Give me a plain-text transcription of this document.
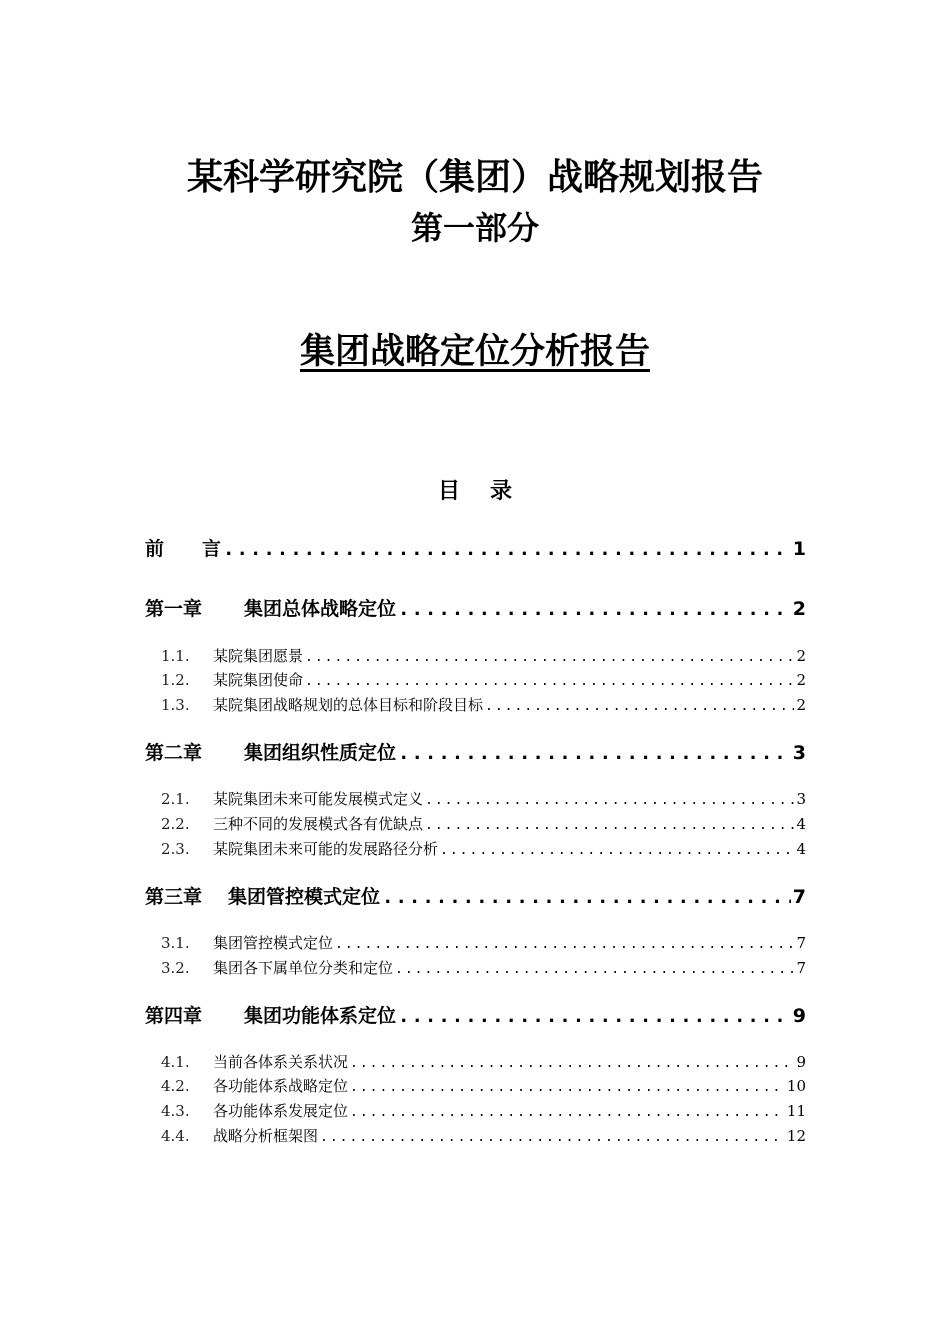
某科学研究院（集团）战略规划报告
第一部分
集团战略定位分析报告
目录
前　　言 .....	1
第一章	集团总体战略定位 .....	2
1.1.	某院集团愿景 .....	2
1.2.	某院集团使命 .....	2
1.3.	某院集团战略规划的总体目标和阶段目标 .....	2
第二章	集团组织性质定位 .....	3
2.1.	某院集团未来可能发展模式定义 .....	3
2.2.	三种不同的发展模式各有优缺点 .....	4
2.3.	某院集团未来可能的发展路径分析 .....	4
第三章	集团管控模式定位 .....	7
3.1.	集团管控模式定位 .....	7
3.2.	集团各下属单位分类和定位 .....	7
第四章	集团功能体系定位 .....	9
4.1.	当前各体系关系状况 .....	9
4.2.	各功能体系战略定位 .....	10
4.3.	各功能体系发展定位 .....	11
4.4.	战略分析框架图 .....	12
